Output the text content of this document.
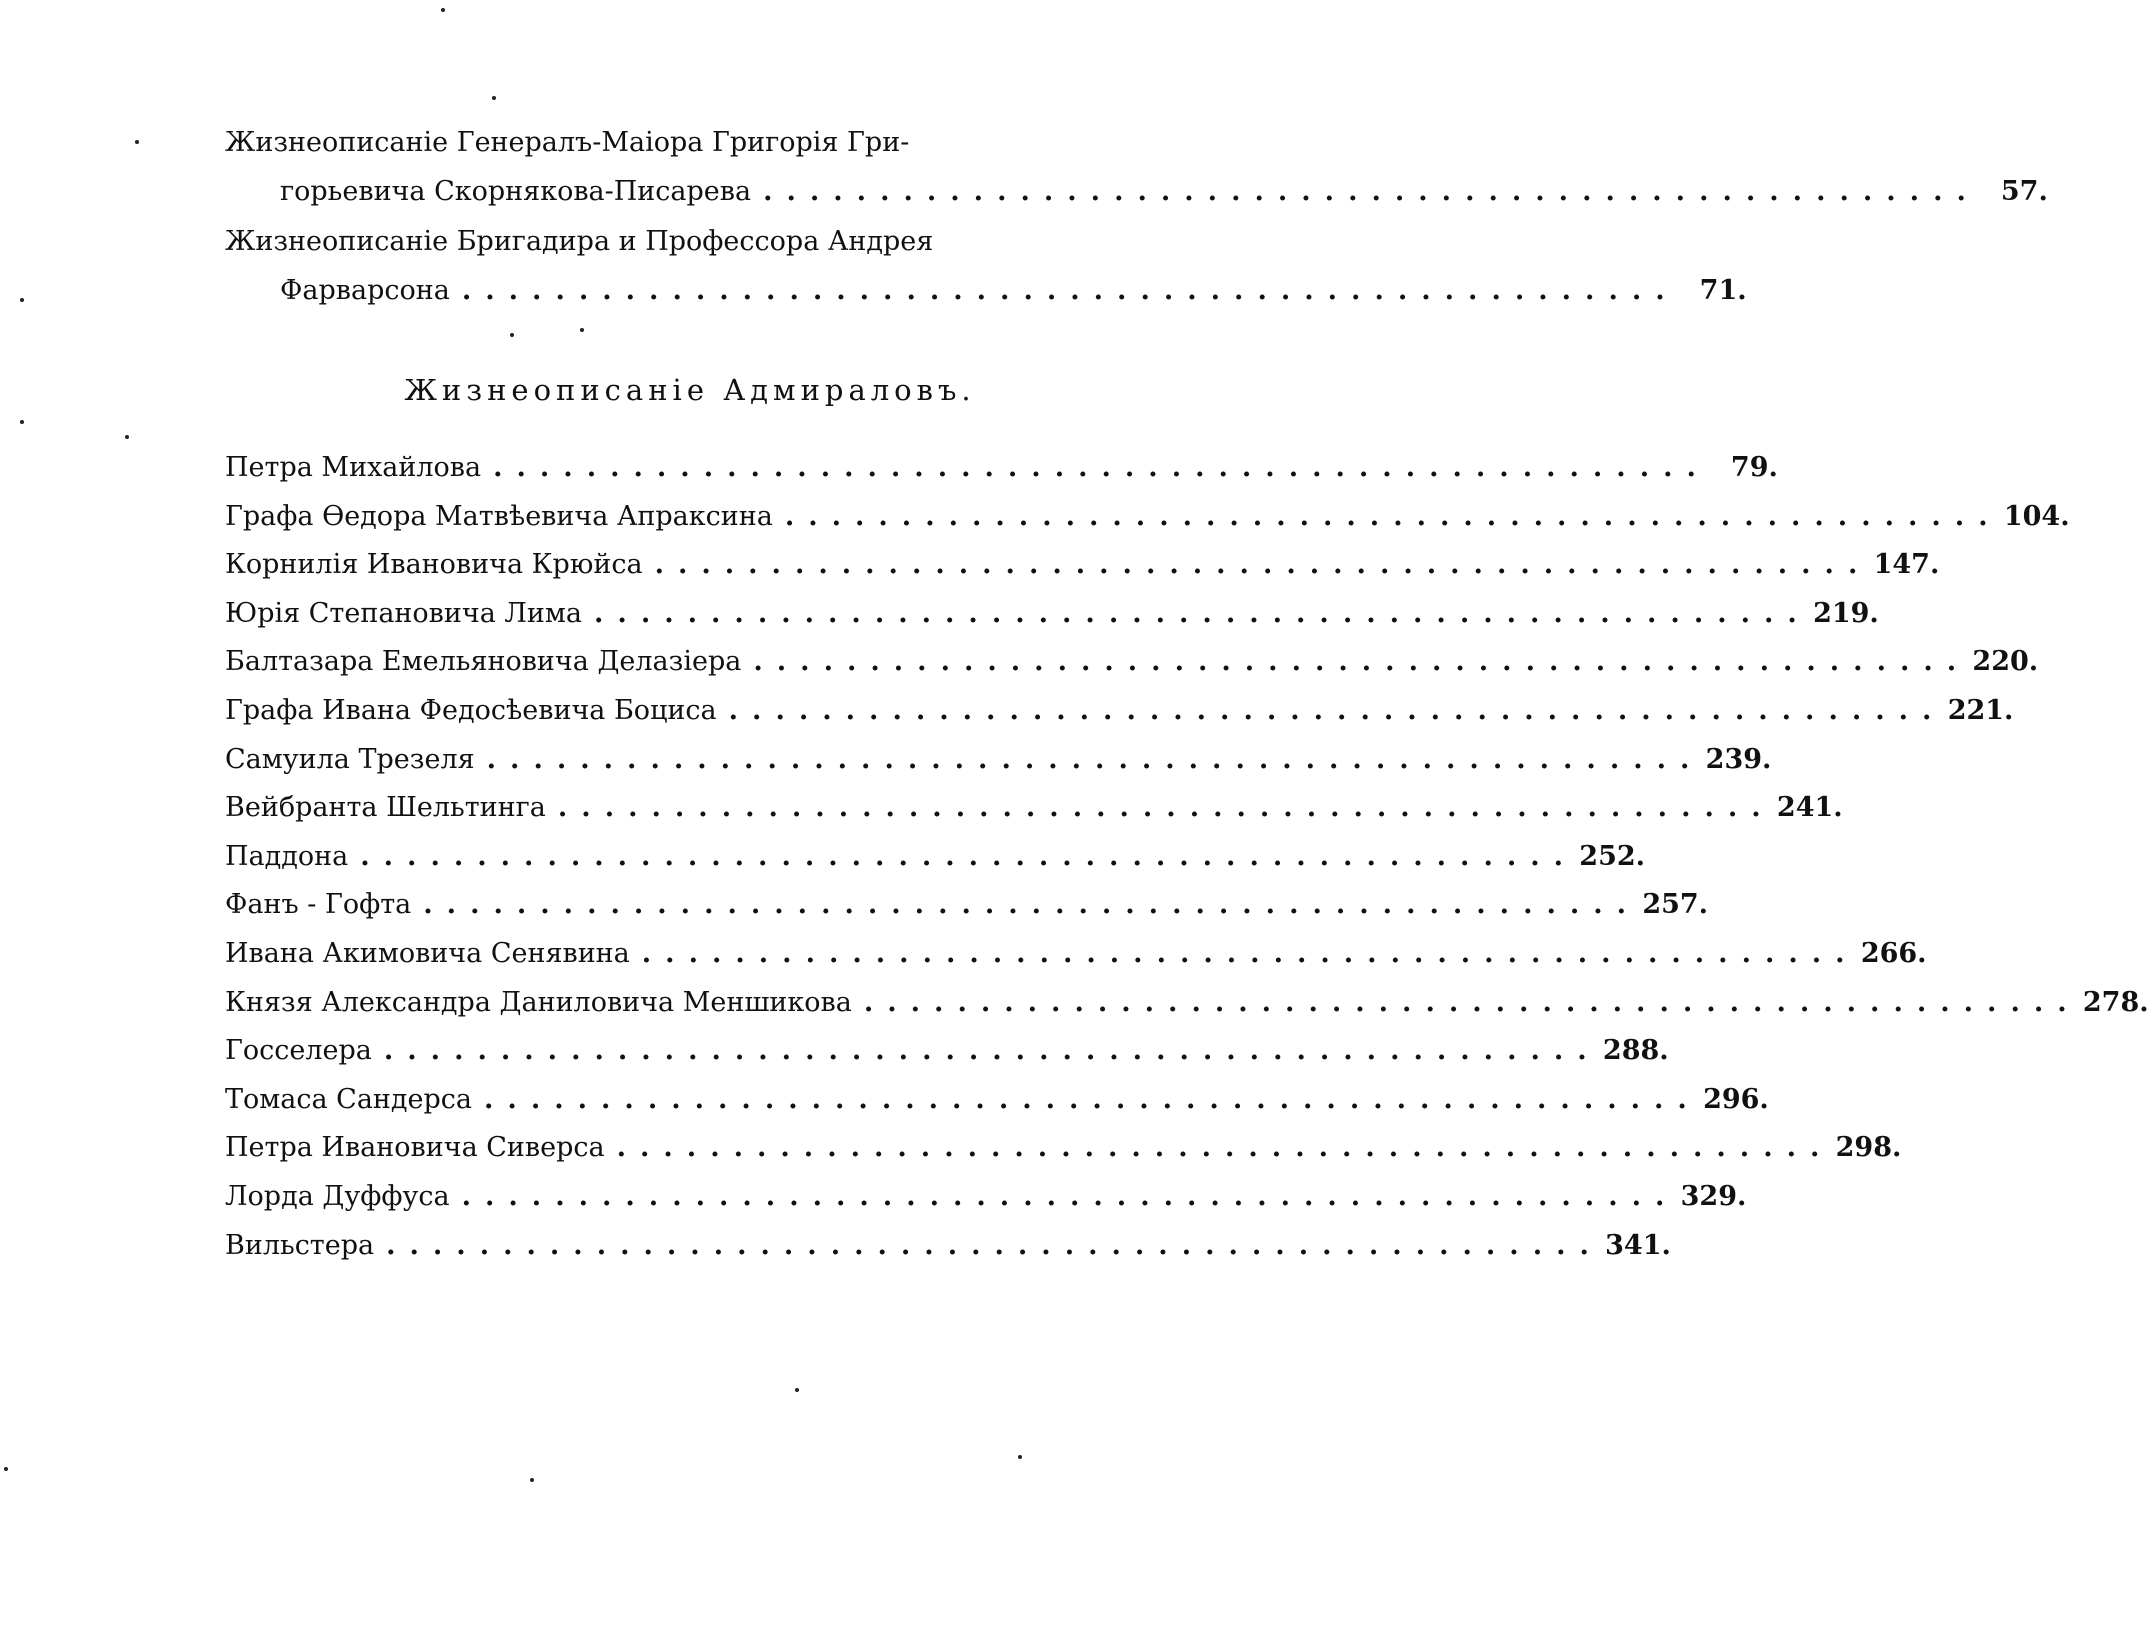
Жизнеописаніе Генералъ-Маіора Григорія Гри-
горьевича Скорнякова-Писарева .................................................... 57.
Жизнеописаніе Бригадира и Профессора Андрея
Фарварсона .................................................... 71.
Жизнеописаніе Адмираловъ.
Петра Михайлова .................................................... 79.
Графа Өедора Матвѣевича Апраксина .................................................... 104.
Корнилія Ивановича Крюйса .................................................... 147.
Юрія Степановича Лима .................................................... 219.
Балтазара Емельяновича Делазіера .................................................... 220.
Графа Ивана Федосѣевича Боциса .................................................... 221.
Самуила Трезеля .................................................... 239.
Вейбранта Шельтинга .................................................... 241.
Паддона .................................................... 252.
Фанъ - Гофта .................................................... 257.
Ивана Акимовича Сенявина .................................................... 266.
Князя Александра Даниловича Меншикова .................................................... 278.
Госселера .................................................... 288.
Томаса Сандерса .................................................... 296.
Петра Ивановича Сиверса .................................................... 298.
Лорда Дуффуса .................................................... 329.
Вильстера .................................................... 341.
